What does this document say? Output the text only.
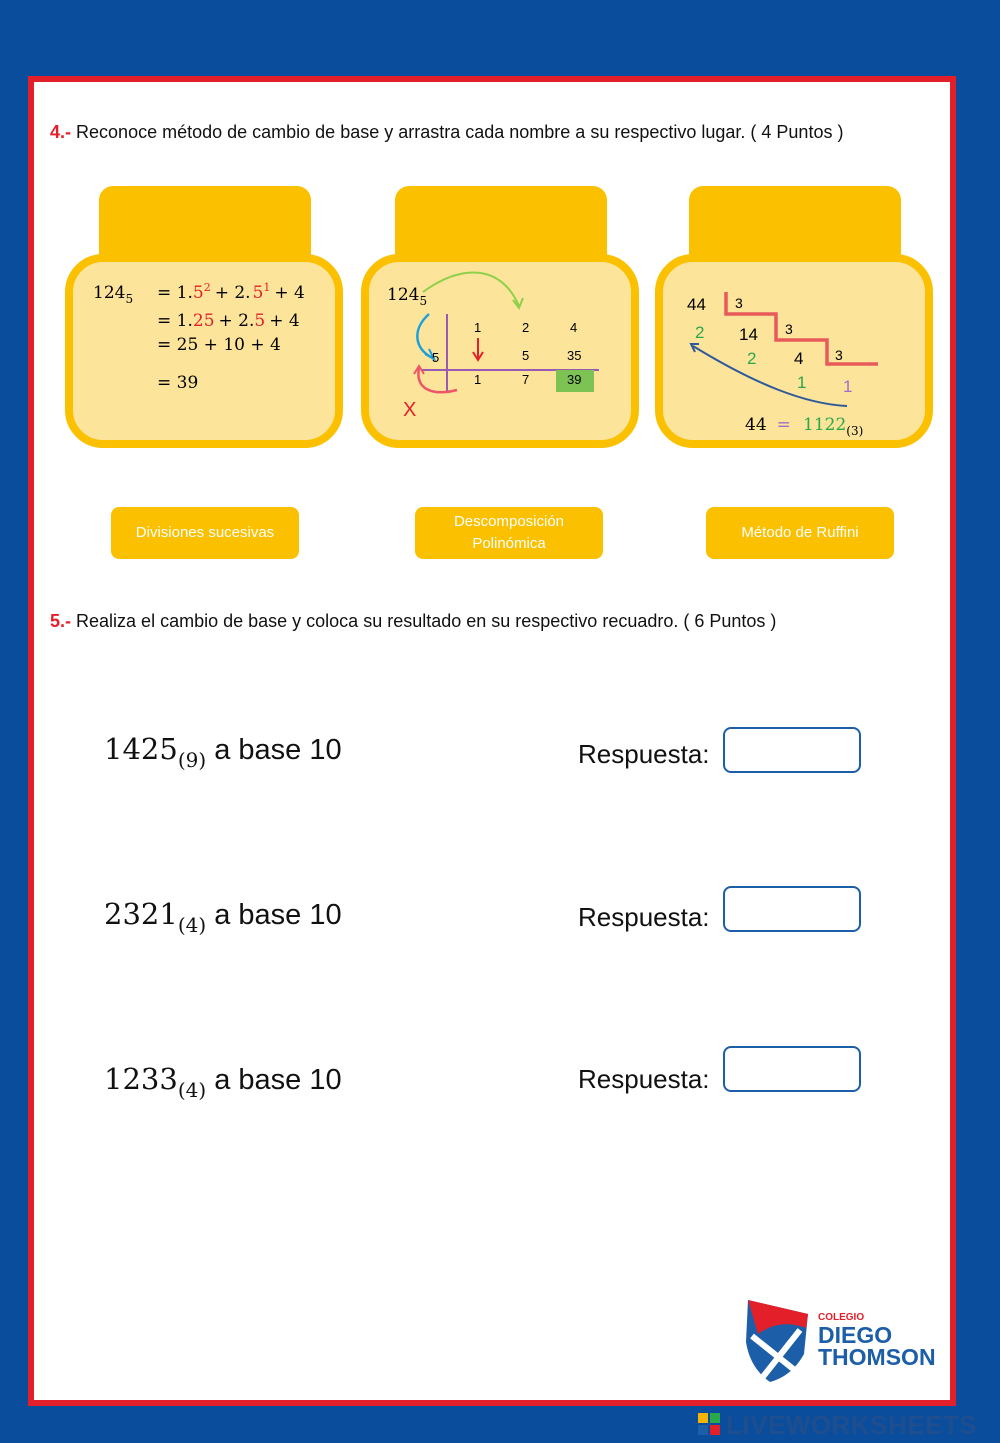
4.- Reconoce método de cambio de base y arrastra cada nombre a su respectivo lugar. ( 4 Puntos )
$124_5 = 1.5^2 + 2$. $5^1 + 4$
= 1.25 + 2.5 + 4
= 25 + 10 + 4
= 39
$124_5$
5
1	2	4
5	35
1	7	39
X
44 3
2 14 3
2 4 3
1 1
$44 = 1122_{(3)}$
Divisiones sucesivas
Descomposición Polinómica
Método de Ruffini
5.- Realiza el cambio de base y coloca su resultado en su respectivo recuadro. ( 6 Puntos )
$1425_{(9)}$ a base 10	Respuesta:
$2321_{(4)}$ a base 10	Respuesta:
$1233_{(4)}$ a base 10	Respuesta:
COLEGIO
DIEGO
THOMSON
LIVEWORKSHEETS
